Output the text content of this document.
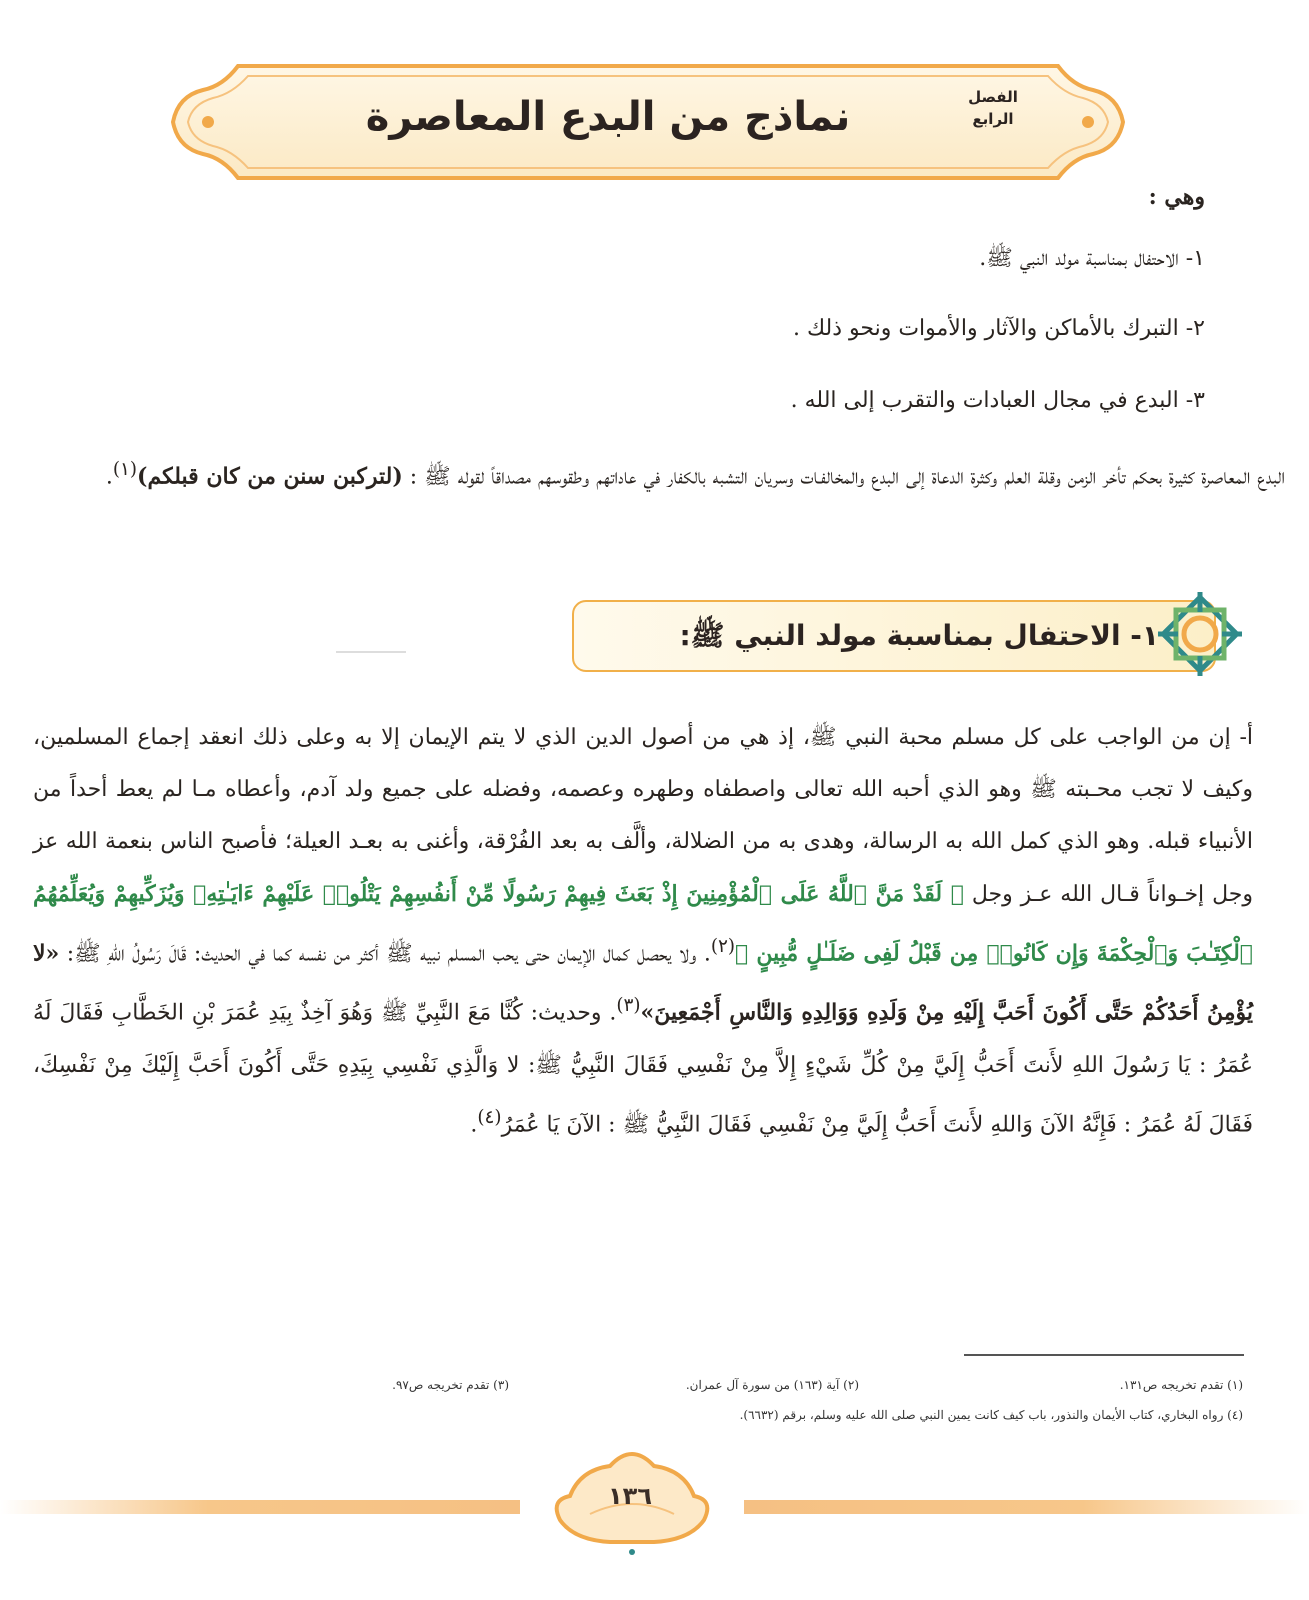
نماذج من البدع المعاصرة	الفصل
الرابع
وهي :
١- الاحتفال بمناسبة مولد النبي ﷺ.
٢- التبرك بالأماكن والآثار والأموات ونحو ذلك .
٣- البدع في مجال العبادات والتقرب إلى الله .
البدع المعاصرة كثيرة بحكم تأخر الزمن وقلة العلم وكثرة الدعاة إلى البدع والمخالفـات وسريان التشبه بالكفار في عاداتهم وطقوسهم مصداقاً لقوله ﷺ : (لتركبن سنن من كان قبلكم)$^{(١)}$.
١- الاحتفال بمناسبة مولد النبي ﷺ:
أ- إن من الواجب على كل مسلم محبة النبي ﷺ، إذ هي من أصول الدين الذي لا يتم الإيمان إلا به وعلى ذلك انعقد إجماع المسلمين، وكيف لا تجب محـبته ﷺ وهو الذي أحبه الله تعالى واصطفاه وطهره وعصمه، وفضله على جميع ولد آدم، وأعطاه مـا لم يعط أحداً من الأنبياء قبله. وهو الذي كمل الله به الرسالة، وهدى به من الضلالة، وألَّف به بعد الفُرْقة، وأغنى به بعـد العيلة؛ فأصبح الناس بنعمة الله عز وجل إخـواناً قـال الله عـز وجل ﴿ لَقَدْ مَنَّ ٱللَّهُ عَلَى ٱلْمُؤْمِنِينَ إِذْ بَعَثَ فِيهِمْ رَسُولًا مِّنْ أَنفُسِهِمْ يَتْلُوا۟ عَلَيْهِمْ ءَايَـٰتِهِۦ وَيُزَكِّيهِمْ وَيُعَلِّمُهُمُ ٱلْكِتَـٰبَ وَٱلْحِكْمَةَ وَإِن كَانُوا۟ مِن قَبْلُ لَفِى ضَلَـٰلٍ مُّبِينٍ ﴾$^{(٢)}$. ولا يحصل كمال الإيمان حتى يحب المسلم نبيه ﷺ أكثر من نفسه كما في الحديث: قَالَ رَسُولُ اللهِ ﷺ: «لا يُؤْمِنُ أَحَدُكُمْ حَتَّى أَكُونَ أَحَبَّ إِلَيْهِ مِنْ وَلَدِهِ وَوَالِدِهِ وَالنَّاسِ أَجْمَعِينَ»$^{(٣)}$. وحديث: كُنَّا مَعَ النَّبِيِّ ﷺ وَهُوَ آخِذٌ بِيَدِ عُمَرَ بْنِ الخَطَّابِ فَقَالَ لَهُ عُمَرُ : يَا رَسُولَ اللهِ لأَنتَ أَحَبُّ إِلَيَّ مِنْ كُلِّ شَيْءٍ إِلاَّ مِنْ نَفْسِي فَقَالَ النَّبِيُّ ﷺ: لا وَالَّذِي نَفْسِي بِيَدِهِ حَتَّى أَكُونَ أَحَبَّ إِلَيْكَ مِنْ نَفْسِكَ، فَقَالَ لَهُ عُمَرُ : فَإِنَّهُ الآنَ وَاللهِ لأَنتَ أَحَبُّ إِلَيَّ مِنْ نَفْسِي فَقَالَ النَّبِيُّ ﷺ : الآنَ يَا عُمَرُ$^{(٤)}$.
(١) تقدم تخريجه ص١٣١.
(٢) آية (١٦٣) من سورة آل عمران.
(٣) تقدم تخريجه ص٩٧.
(٤) رواه البخاري، كتاب الأيمان والنذور، باب كيف كانت يمين النبي صلى الله عليه وسلم، برقم (٦٦٣٢).
١٣٦
